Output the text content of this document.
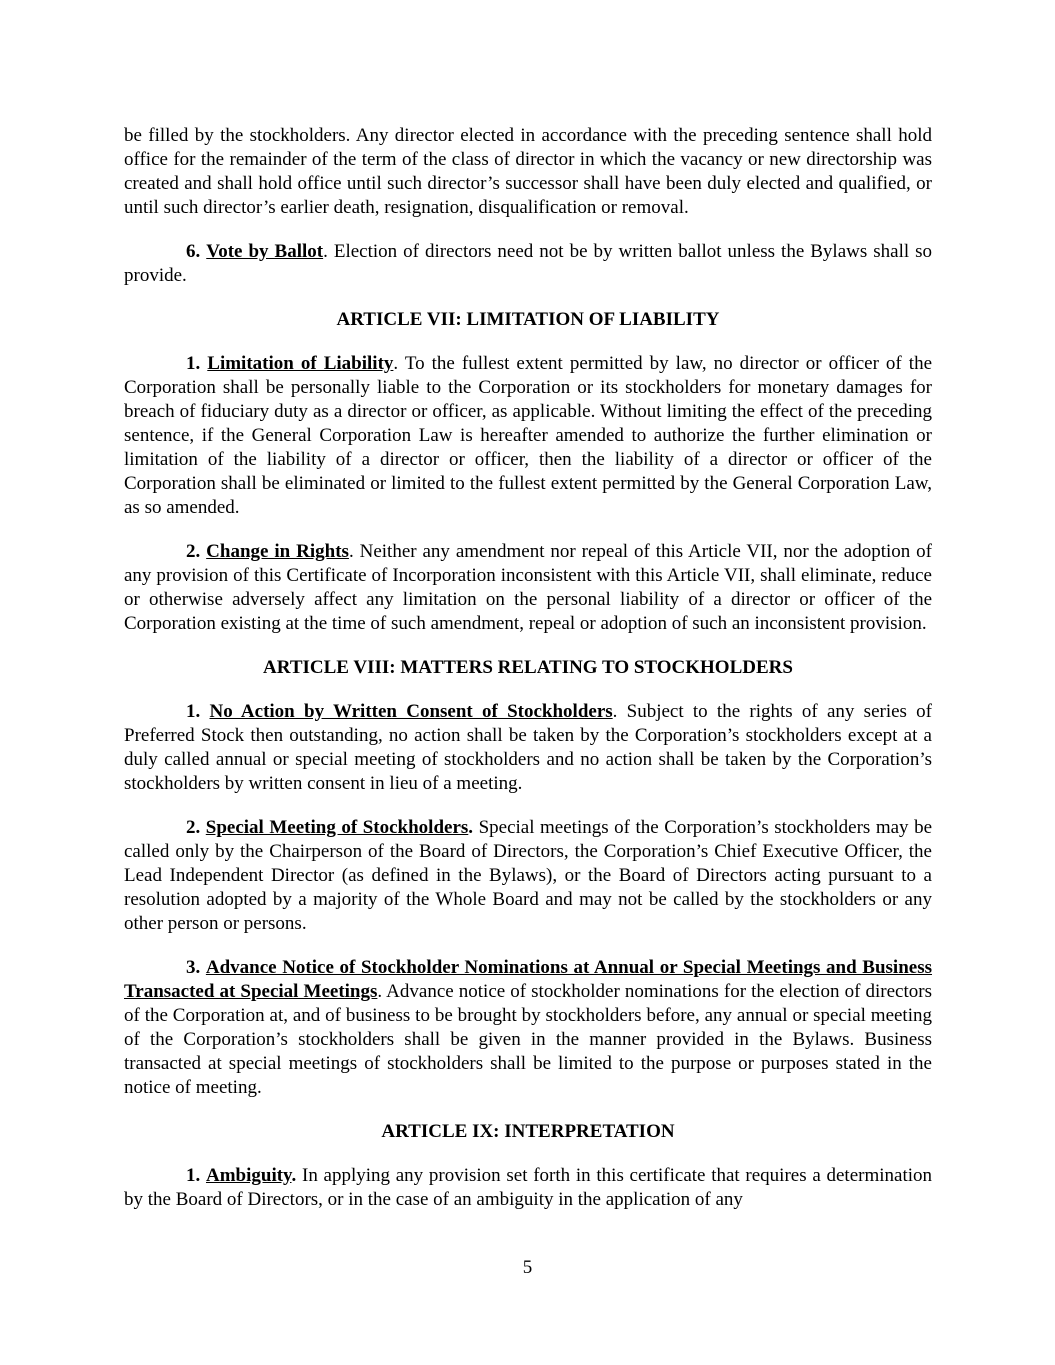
be filled by the stockholders. Any director elected in accordance with the preceding sentence shall hold office for the remainder of the term of the class of director in which the vacancy or new directorship was created and shall hold office until such director’s successor shall have been duly elected and qualified, or until such director’s earlier death, resignation, disqualification or removal.

6. Vote by Ballot. Election of directors need not be by written ballot unless the Bylaws shall so provide.

ARTICLE VII: LIMITATION OF LIABILITY

1. Limitation of Liability. To the fullest extent permitted by law, no director or officer of the Corporation shall be personally liable to the Corporation or its stockholders for monetary damages for breach of fiduciary duty as a director or officer, as applicable. Without limiting the effect of the preceding sentence, if the General Corporation Law is hereafter amended to authorize the further elimination or limitation of the liability of a director or officer, then the liability of a director or officer of the Corporation shall be eliminated or limited to the fullest extent permitted by the General Corporation Law, as so amended.

2. Change in Rights. Neither any amendment nor repeal of this Article VII, nor the adoption of any provision of this Certificate of Incorporation inconsistent with this Article VII, shall eliminate, reduce or otherwise adversely affect any limitation on the personal liability of a director or officer of the Corporation existing at the time of such amendment, repeal or adoption of such an inconsistent provision.

ARTICLE VIII: MATTERS RELATING TO STOCKHOLDERS

1. No Action by Written Consent of Stockholders. Subject to the rights of any series of Preferred Stock then outstanding, no action shall be taken by the Corporation’s stockholders except at a duly called annual or special meeting of stockholders and no action shall be taken by the Corporation’s stockholders by written consent in lieu of a meeting.

2. Special Meeting of Stockholders. Special meetings of the Corporation’s stockholders may be called only by the Chairperson of the Board of Directors, the Corporation’s Chief Executive Officer, the Lead Independent Director (as defined in the Bylaws), or the Board of Directors acting pursuant to a resolution adopted by a majority of the Whole Board and may not be called by the stockholders or any other person or persons.

3. Advance Notice of Stockholder Nominations at Annual or Special Meetings and Business Transacted at Special Meetings. Advance notice of stockholder nominations for the election of directors of the Corporation at, and of business to be brought by stockholders before, any annual or special meeting of the Corporation’s stockholders shall be given in the manner provided in the Bylaws. Business transacted at special meetings of stockholders shall be limited to the purpose or purposes stated in the notice of meeting.

ARTICLE IX: INTERPRETATION

1. Ambiguity. In applying any provision set forth in this certificate that requires a determination by the Board of Directors, or in the case of an ambiguity in the application of any

5
